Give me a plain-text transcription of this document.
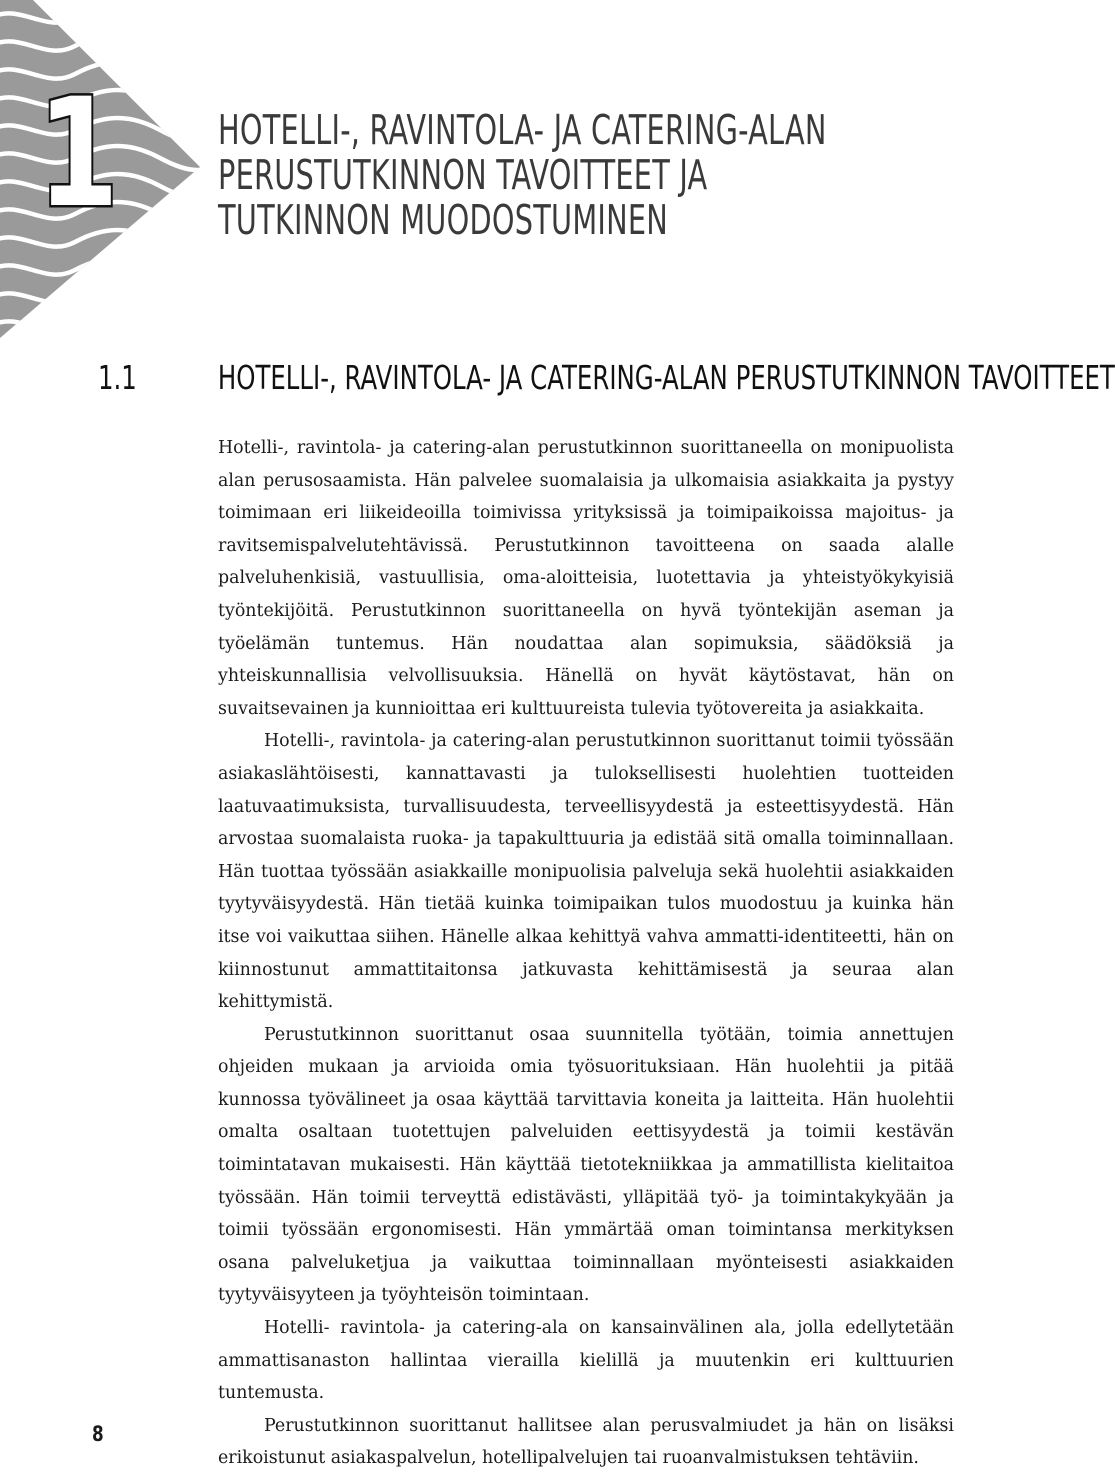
1 HOTELLI-, RAVINTOLA- JA CATERING-ALAN
PERUSTUTKINNON TAVOITTEET JA
TUTKINNON MUODOSTUMINEN
1.1 HOTELLI-, RAVINTOLA- JA CATERING-ALAN PERUSTUTKINNON TAVOITTEET

Hotelli-, ravintola- ja catering-alan perustutkinnon suorittaneella on monipuolista alan perusosaamista. Hän palvelee suomalaisia ja ulkomaisia asiakkaita ja pystyy toimimaan eri liikeideoilla toimivissa yrityksissä ja toimipaikoissa majoitus- ja ravitsemispalvelutehtävissä. Perustutkinnon tavoitteena on saada alalle palveluhenkisiä, vastuullisia, oma-aloitteisia, luotettavia ja yhteistyökykyisiä työntekijöitä. Perustutkinnon suorittaneella on hyvä työntekijän aseman ja työelämän tuntemus. Hän noudattaa alan sopimuksia, säädöksiä ja yhteiskunnallisia velvollisuuksia. Hänellä on hyvät käytöstavat, hän on suvaitsevainen ja kunnioittaa eri kulttuureista tulevia työtovereita ja asiakkaita.

Hotelli-, ravintola- ja catering-alan perustutkinnon suorittanut toimii työssään asiakaslähtöisesti, kannattavasti ja tuloksellisesti huolehtien tuotteiden laatuvaatimuksista, turvallisuudesta, terveellisyydestä ja esteettisyydestä. Hän arvostaa suomalaista ruoka- ja tapakulttuuria ja edistää sitä omalla toiminnallaan. Hän tuottaa työssään asiakkaille monipuolisia palveluja sekä huolehtii asiakkaiden tyytyväisyydestä. Hän tietää kuinka toimipaikan tulos muodostuu ja kuinka hän itse voi vaikuttaa siihen. Hänelle alkaa kehittyä vahva ammatti-identiteetti, hän on kiinnostunut ammattitaitonsa jatkuvasta kehittämisestä ja seuraa alan kehittymistä.

Perustutkinnon suorittanut osaa suunnitella työtään, toimia annettujen ohjeiden mukaan ja arvioida omia työsuorituksiaan. Hän huolehtii ja pitää kunnossa työvälineet ja osaa käyttää tarvittavia koneita ja laitteita. Hän huolehtii omalta osaltaan tuotettujen palveluiden eettisyydestä ja toimii kestävän toimintatavan mukaisesti. Hän käyttää tietotekniikkaa ja ammatillista kielitaitoa työssään. Hän toimii terveyttä edistävästi, ylläpitää työ- ja toimintakykyään ja toimii työssään ergonomisesti. Hän ymmärtää oman toimintansa merkityksen osana palveluketjua ja vaikuttaa toiminnallaan myönteisesti asiakkaiden tyytyväisyyteen ja työyhteisön toimintaan.

Hotelli- ravintola- ja catering-ala on kansainvälinen ala, jolla edellytetään ammattisanaston hallintaa vierailla kielillä ja muutenkin eri kulttuurien tuntemusta.

Perustutkinnon suorittanut hallitsee alan perusvalmiudet ja hän on lisäksi erikoistunut asiakaspalvelun, hotellipalvelujen tai ruoanvalmistuksen tehtäviin.

8
